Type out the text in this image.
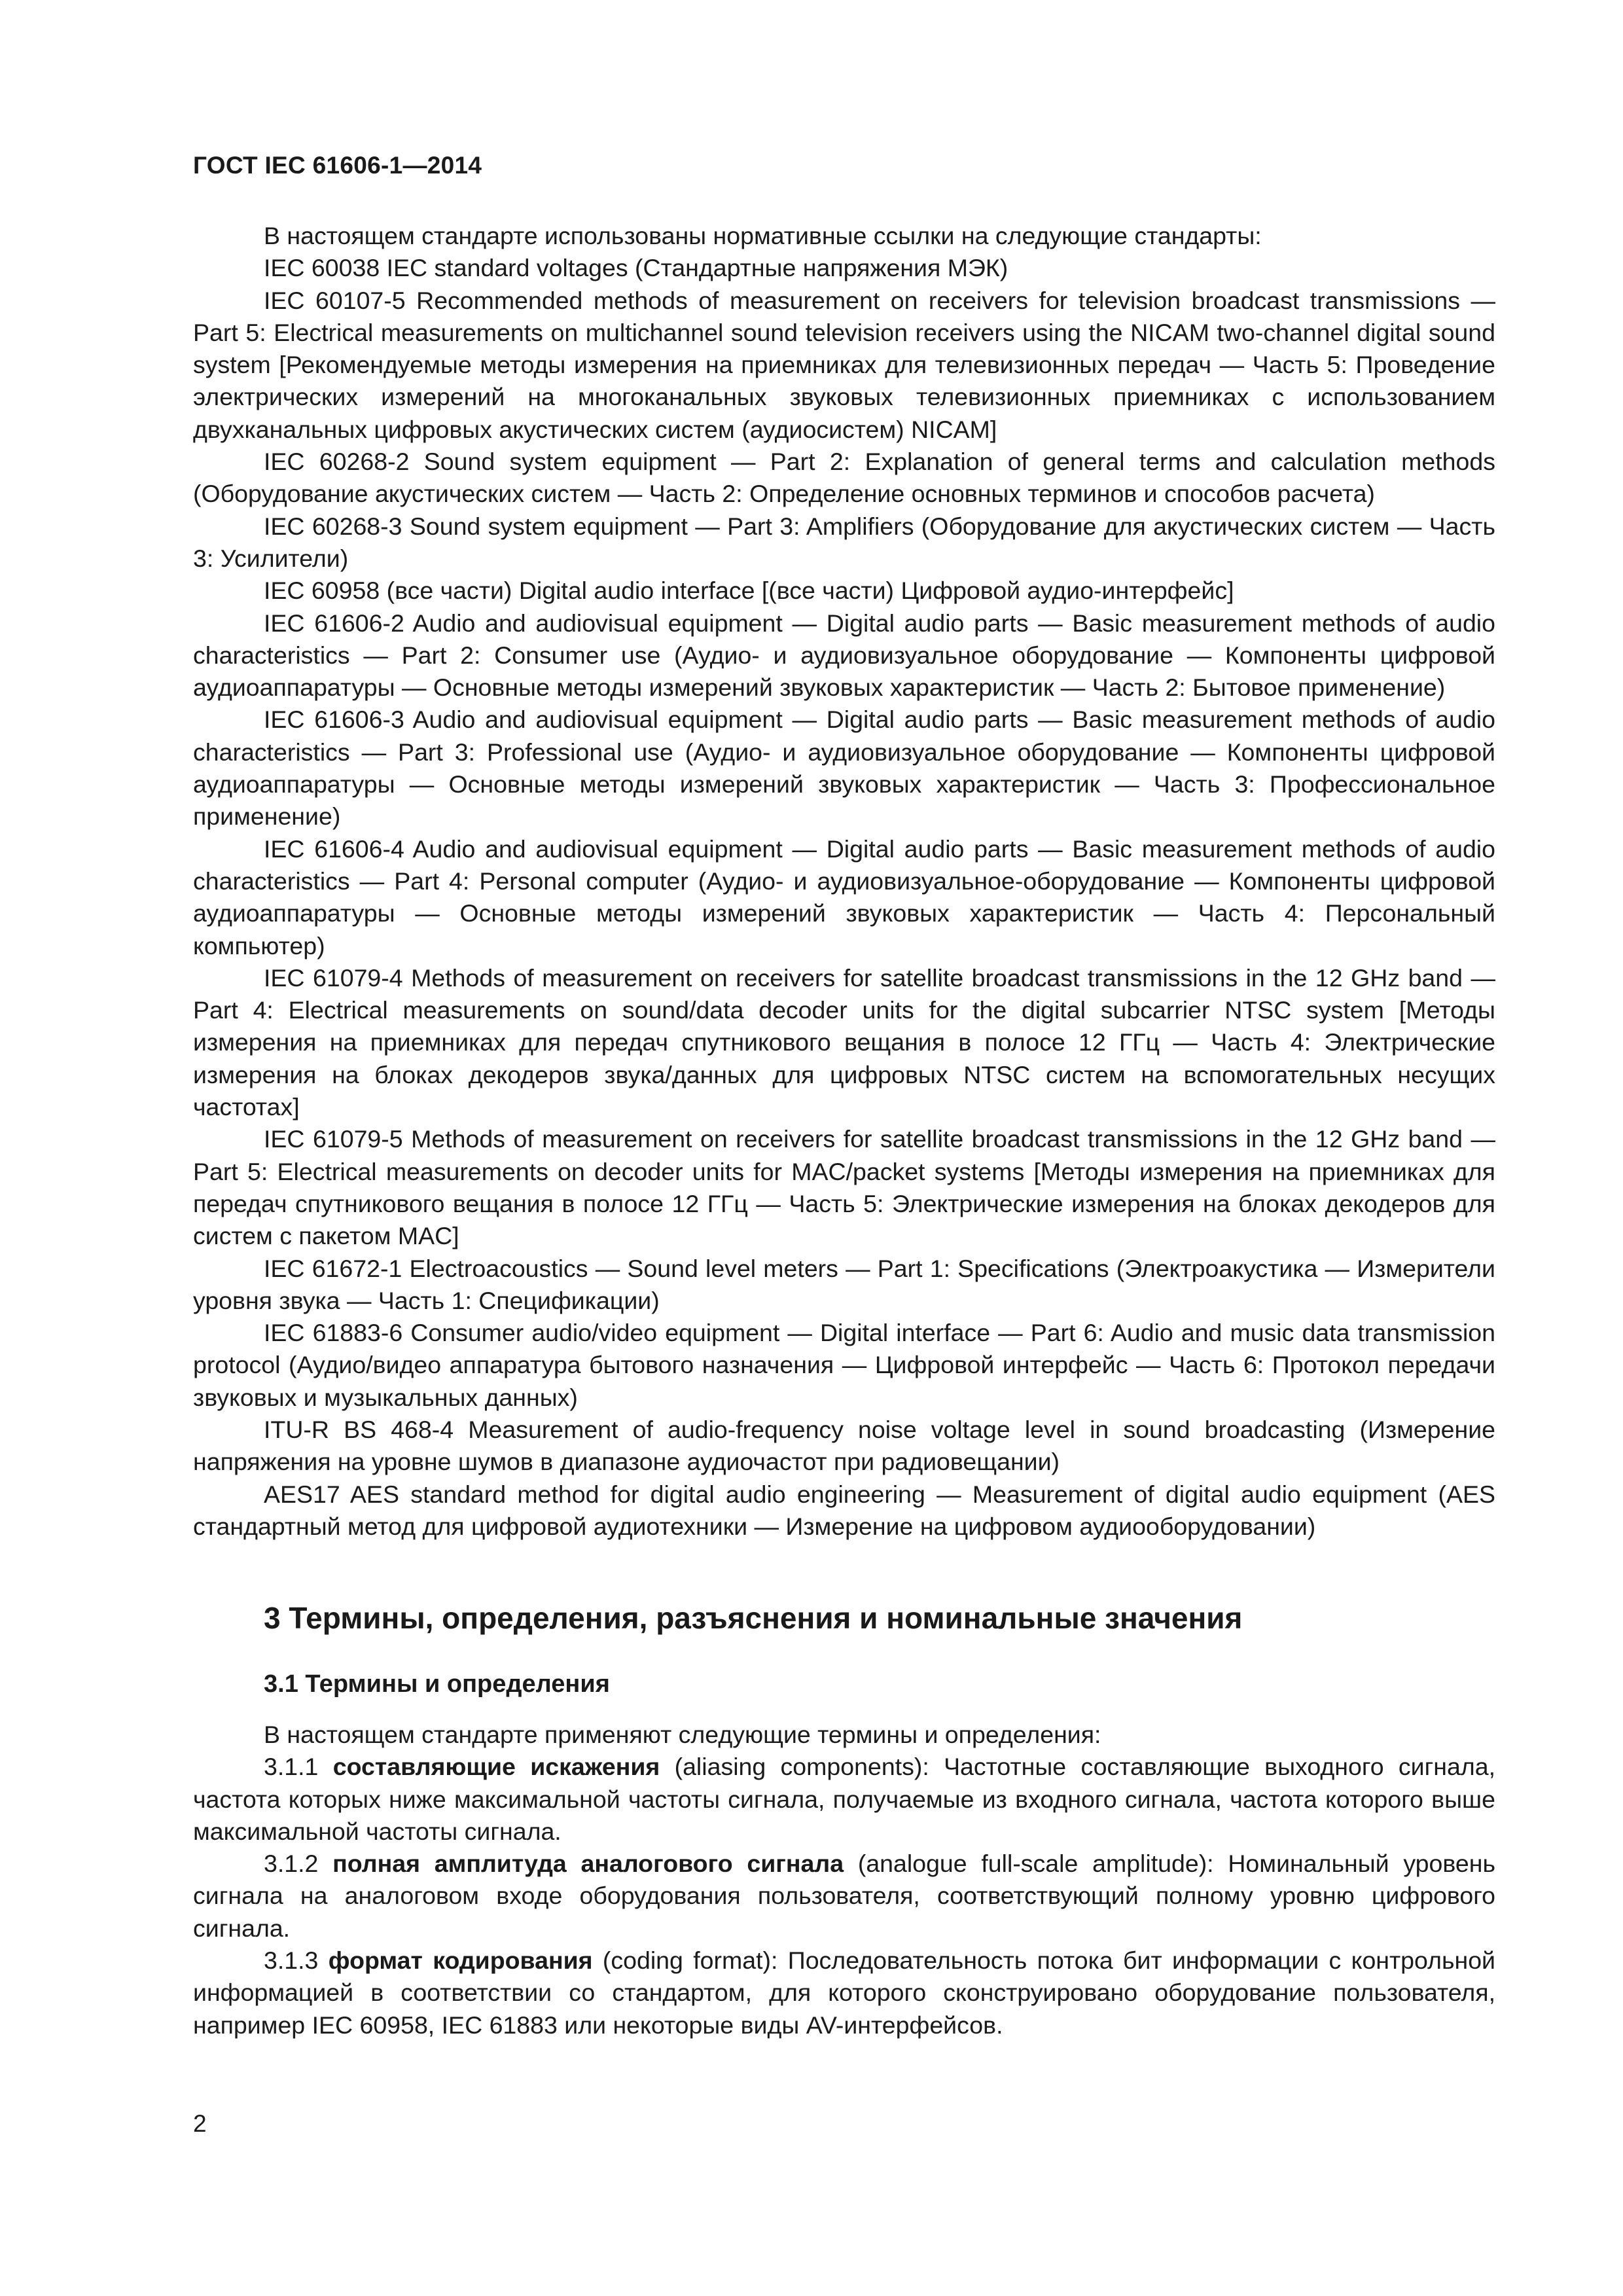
ГОСТ IEC 61606-1—2014

В настоящем стандарте использованы нормативные ссылки на следующие стандарты:

IEC 60038 IEC standard voltages (Стандартные напряжения МЭК)

IEC 60107-5 Recommended methods of measurement on receivers for television broadcast transmissions — Part 5: Electrical measurements on multichannel sound television receivers using the NICAM two-channel digital sound system [Рекомендуемые методы измерения на приемниках для телевизионных передач — Часть 5: Проведение электрических измерений на многоканальных звуковых телевизионных приемниках с использованием двухканальных цифровых акустических систем (аудиосистем) NICAM]

IEC 60268-2 Sound system equipment — Part 2: Explanation of general terms and calculation methods (Оборудование акустических систем — Часть 2: Определение основных терминов и способов расчета)

IEC 60268-3 Sound system equipment — Part 3: Amplifiers (Оборудование для акустических систем — Часть 3: Усилители)

IEC 60958 (все части) Digital audio interface [(все части) Цифровой аудио-интерфейс]

IEC 61606-2 Audio and audiovisual equipment — Digital audio parts — Basic measurement methods of audio characteristics — Part 2: Consumer use (Аудио- и аудиовизуальное оборудование — Компоненты цифровой аудиоаппаратуры — Основные методы измерений звуковых характеристик — Часть 2: Бытовое применение)

IEC 61606-3 Audio and audiovisual equipment — Digital audio parts — Basic measurement methods of audio characteristics — Part 3: Professional use (Аудио- и аудиовизуальное оборудование — Компоненты цифровой аудиоаппаратуры — Основные методы измерений звуковых характеристик — Часть 3: Профессиональное применение)

IEC 61606-4 Audio and audiovisual equipment — Digital audio parts — Basic measurement methods of audio characteristics — Part 4: Personal computer (Аудио- и аудиовизуальное-оборудование — Компоненты цифровой аудиоаппаратуры — Основные методы измерений звуковых характеристик — Часть 4: Персональный компьютер)

IEC 61079-4 Methods of measurement on receivers for satellite broadcast transmissions in the 12 GHz band — Part 4: Electrical measurements on sound/data decoder units for the digital subcarrier NTSC system [Методы измерения на приемниках для передач спутникового вещания в полосе 12 ГГц — Часть 4: Электрические измерения на блоках декодеров звука/данных для цифровых NTSC систем на вспомогательных несущих частотах]

IEC 61079-5 Methods of measurement on receivers for satellite broadcast transmissions in the 12 GHz band — Part 5: Electrical measurements on decoder units for MAC/packet systems [Методы измерения на приемниках для передач спутникового вещания в полосе 12 ГГц — Часть 5: Электрические измерения на блоках декодеров для систем с пакетом MAC]

IEC 61672-1 Electroacoustics — Sound level meters — Part 1: Specifications (Электроакустика — Измерители уровня звука — Часть 1: Спецификации)

IEC 61883-6 Consumer audio/video equipment — Digital interface — Part 6: Audio and music data transmission protocol (Аудио/видео аппаратура бытового назначения — Цифровой интерфейс — Часть 6: Протокол передачи звуковых и музыкальных данных)

ITU-R BS 468-4 Measurement of audio-frequency noise voltage level in sound broadcasting (Измерение напряжения на уровне шумов в диапазоне аудиочастот при радиовещании)

AES17 AES standard method for digital audio engineering — Measurement of digital audio equipment (AES стандартный метод для цифровой аудиотехники — Измерение на цифровом аудиооборудовании)

3 Термины, определения, разъяснения и номинальные значения
3.1 Термины и определения

В настоящем стандарте применяют следующие термины и определения:

3.1.1 составляющие искажения (aliasing components): Частотные составляющие выходного сигнала, частота которых ниже максимальной частоты сигнала, получаемые из входного сигнала, частота которого выше максимальной частоты сигнала.

3.1.2 полная амплитуда аналогового сигнала (analogue full-scale amplitude): Номинальный уровень сигнала на аналоговом входе оборудования пользователя, соответствующий полному уровню цифрового сигнала.

3.1.3 формат кодирования (coding format): Последовательность потока бит информации с контрольной информацией в соответствии со стандартом, для которого сконструировано оборудование пользователя, например IEC 60958, IEC 61883 или некоторые виды AV-интерфейсов.

2
